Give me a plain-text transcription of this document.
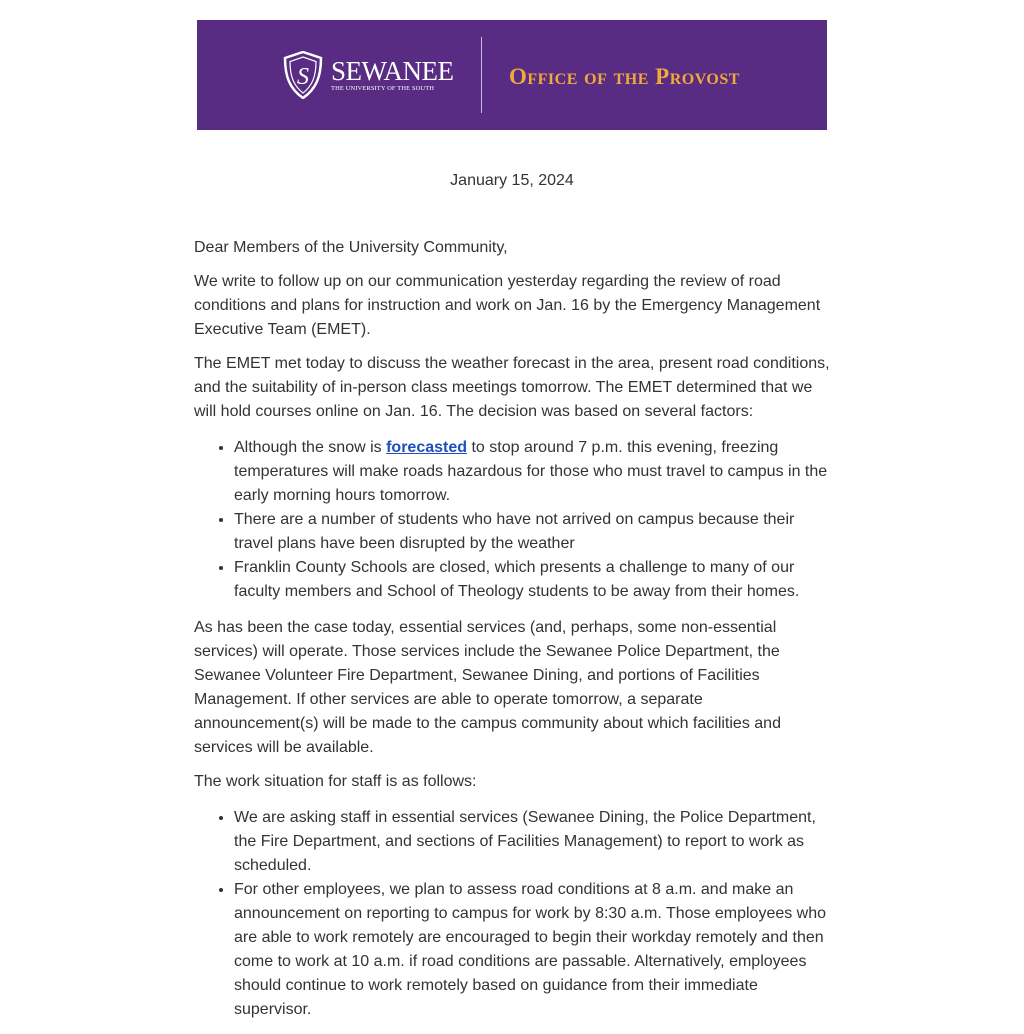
S SEWANEE
THE UNIVERSITY OF THE SOUTH	Office of the Provost
January 15, 2024

Dear Members of the University Community,

We write to follow up on our communication yesterday regarding the review of road conditions and plans for instruction and work on Jan. 16 by the Emergency Management Executive Team (EMET).

The EMET met today to discuss the weather forecast in the area, present road conditions, and the suitability of in-person class meetings tomorrow. The EMET determined that we will hold courses online on Jan. 16. The decision was based on several factors:

• Although the snow is forecasted to stop around 7 p.m. this evening, freezing temperatures will make roads hazardous for those who must travel to campus in the early morning hours tomorrow.
• There are a number of students who have not arrived on campus because their travel plans have been disrupted by the weather
• Franklin County Schools are closed, which presents a challenge to many of our faculty members and School of Theology students to be away from their homes.

As has been the case today, essential services (and, perhaps, some non-essential services) will operate. Those services include the Sewanee Police Department, the Sewanee Volunteer Fire Department, Sewanee Dining, and portions of Facilities Management. If other services are able to operate tomorrow, a separate announcement(s) will be made to the campus community about which facilities and services will be available.

The work situation for staff is as follows:

• We are asking staff in essential services (Sewanee Dining, the Police Department, the Fire Department, and sections of Facilities Management) to report to work as scheduled.
• For other employees, we plan to assess road conditions at 8 a.m. and make an announcement on reporting to campus for work by 8:30 a.m. Those employees who are able to work remotely are encouraged to begin their workday remotely and then come to work at 10 a.m. if road conditions are passable. Alternatively, employees should continue to work remotely based on guidance from their immediate supervisor.
